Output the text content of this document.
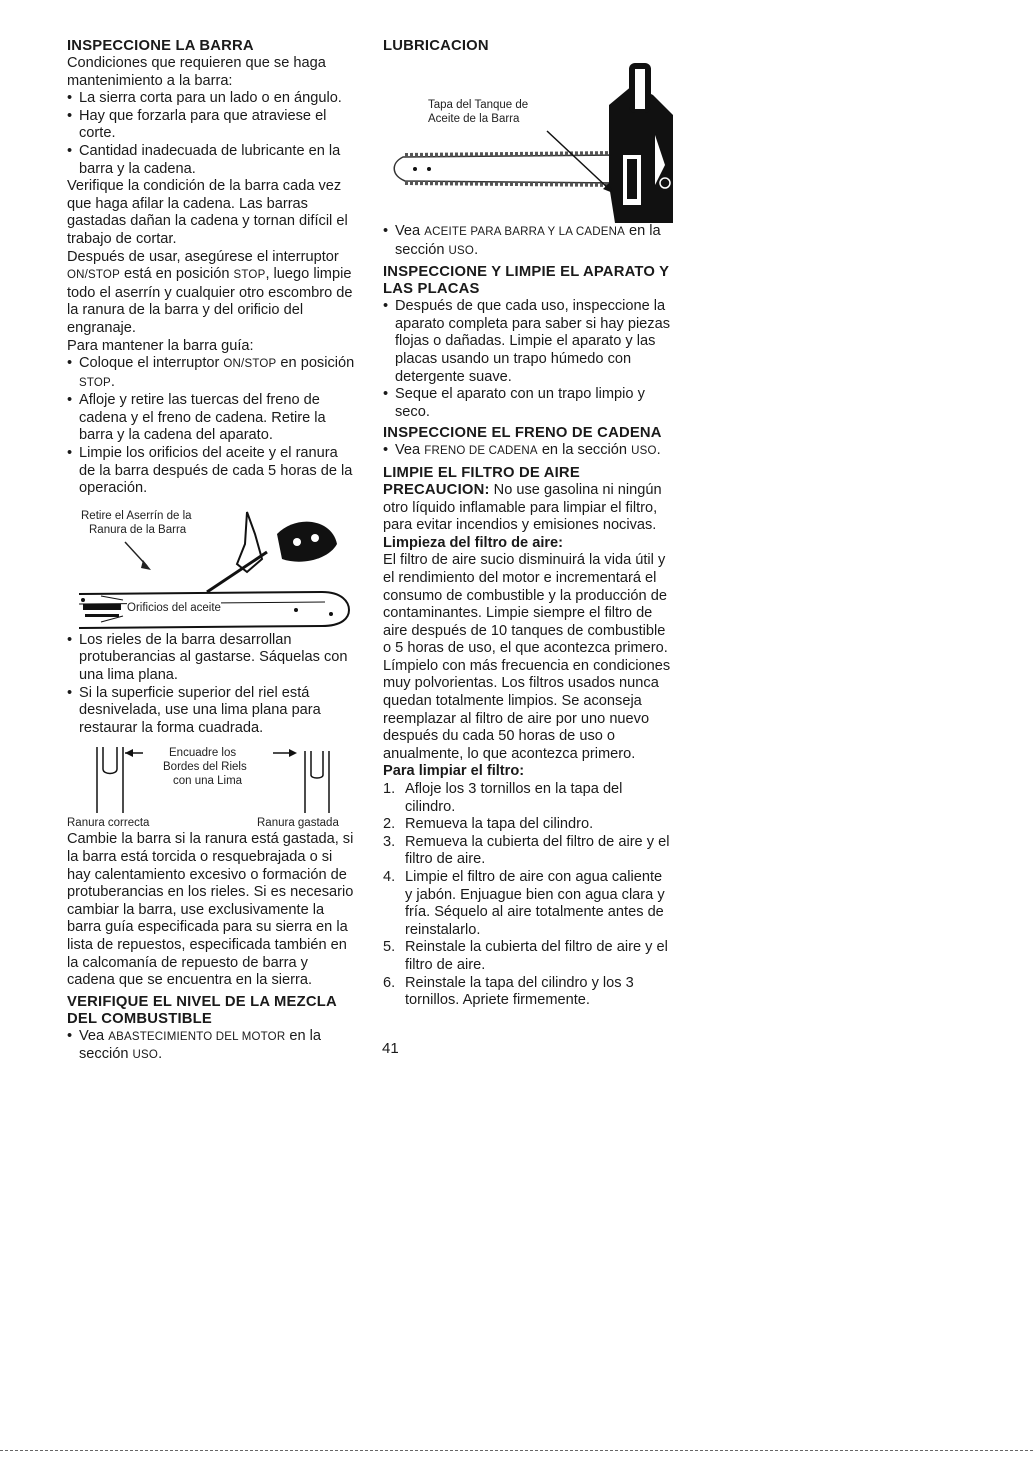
INSPECCIONE LA BARRA

Condiciones que requieren que se haga mantenimiento a la barra:

• La sierra corta para un lado o en ángulo.

• Hay que forzarla para que atraviese el corte.

• Cantidad inadecuada de lubricante en la barra y la cadena.

Verifique la condición de la barra cada vez que haga afilar la cadena. Las barras gastadas dañan la cadena y tornan difícil el trabajo de cortar.

Después de usar, asegúrese el interruptor ON/STOP está en posición STOP, luego limpie todo el aserrín y cualquier otro escombro de la ranura de la barra y del orificio del engranaje.

Para mantener la barra guía:

• Coloque el interruptor ON/STOP en posición STOP.

• Afloje y retire las tuercas del freno de cadena y el freno de cadena. Retire la barra y la cadena del aparato.

• Limpie los orificios del aceite y el ranura de la barra después de cada 5 horas de la operación.

Retire el Aserrín de la
Ranura de la Barra
Orificios del aceite

• Los rieles de la barra desarrollan protuberancias al gastarse. Sáquelas con una lima plana.

• Si la superficie superior del riel está desnivelada, use una lima plana para restaurar la forma cuadrada.

Encuadre los
Bordes del Riels
con una Lima
Ranura correcta	Ranura gastada

Cambie la barra si la ranura está gastada, si la barra está torcida o resquebrajada o si hay calentamiento excesivo o formación de protuberancias en los rieles. Si es necesario cambiar la barra, use exclusivamente la barra guía especificada para su sierra en la lista de repuestos, especificada también en la calcomanía de repuesto de barra y cadena que se encuentra en la sierra.

VERIFIQUE EL NIVEL DE LA MEZCLA DEL COMBUSTIBLE

• Vea ABASTECIMIENTO DEL MOTOR en la sección USO.

LUBRICACION

Tapa del Tanque de
Aceite de la Barra

• Vea ACEITE PARA BARRA Y LA CADENA en la sección USO.

INSPECCIONE Y LIMPIE EL APARATO Y LAS PLACAS

• Después de que cada uso, inspeccione la aparato completa para saber si hay piezas flojas o dañadas. Limpie el aparato y las placas usando un trapo húmedo con detergente suave.

• Seque el aparato con un trapo limpio y seco.

INSPECCIONE EL FRENO DE CADENA

• Vea FRENO DE CADENA en la sección USO.

LIMPIE EL FILTRO DE AIRE

PRECAUCION: No use gasolina ni ningún otro líquido inflamable para limpiar el filtro, para evitar incendios y emisiones nocivas.

Limpieza del filtro de aire:

El filtro de aire sucio disminuirá la vida útil y el rendimiento del motor e incrementará el consumo de combustible y la producción de contaminantes. Limpie siempre el filtro de aire después de 10 tanques de combustible o 5 horas de uso, el que acontezca primero. Límpielo con más frecuencia en condiciones muy polvorientas. Los filtros usados nunca quedan totalmente limpios. Se aconseja reemplazar al filtro de aire por uno nuevo después du cada 50 horas de uso o anualmente, lo que acontezca primero.

Para limpiar el filtro:

1. Afloje los 3 tornillos en la tapa del cilindro.

2. Remueva la tapa del cilindro.

3. Remueva la cubierta del filtro de aire y el filtro de aire.

4. Limpie el filtro de aire con agua caliente y jabón. Enjuague bien con agua clara y fría. Séquelo al aire totalmente antes de reinstalarlo.

5. Reinstale la cubierta del filtro de aire y el filtro de aire.

6. Reinstale la tapa del cilindro y los 3 tornillos. Apriete firmemente.

41
